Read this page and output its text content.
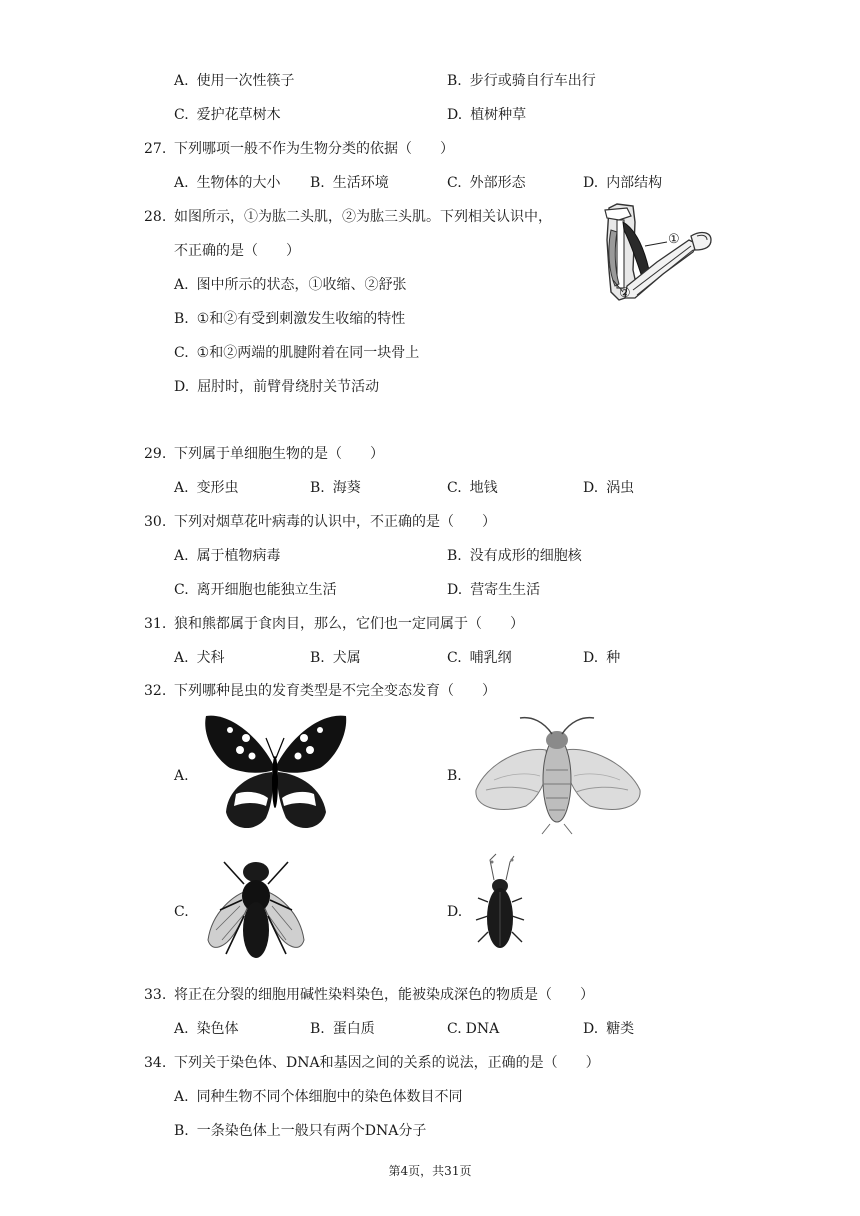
A. 使用一次性筷子	B. 步行或骑自行车出行
C. 爱护花草树木	D. 植树种草
27. 下列哪项一般不作为生物分类的依据（　　）
A. 生物体的大小 B. 生活环境	C. 外部形态	D. 内部结构
28. 如图所示，①为肱二头肌，②为肱三头肌。下列相关认识中，
不正确的是（　　）
①
②
A. 图中所示的状态，①收缩、②舒张
B. ①和②有受到刺激发生收缩的特性
C. ①和②两端的肌腱附着在同一块骨上
D. 屈肘时，前臂骨绕肘关节活动
29. 下列属于单细胞生物的是（　　）
A. 变形虫	B. 海葵	C. 地钱	D. 涡虫
30. 下列对烟草花叶病毒的认识中，不正确的是（　　）
A. 属于植物病毒	B. 没有成形的细胞核
C. 离开细胞也能独立生活	D. 营寄生生活
31. 狼和熊都属于食肉目，那么，它们也一定同属于（　　）
A. 犬科	B. 犬属	C. 哺乳纲	D. 种
32. 下列哪种昆虫的发育类型是不完全变态发育（　　）
A.	B.
C.	D.
33. 将正在分裂的细胞用碱性染料染色，能被染成深色的物质是（　　）
A. 染色体	B. 蛋白质	C. DNA	D. 糖类
34. 下列关于染色体、DNA和基因之间的关系的说法，正确的是（　　）
A. 同种生物不同个体细胞中的染色体数目不同
B. 一条染色体上一般只有两个DNA分子
第4页，共31页
